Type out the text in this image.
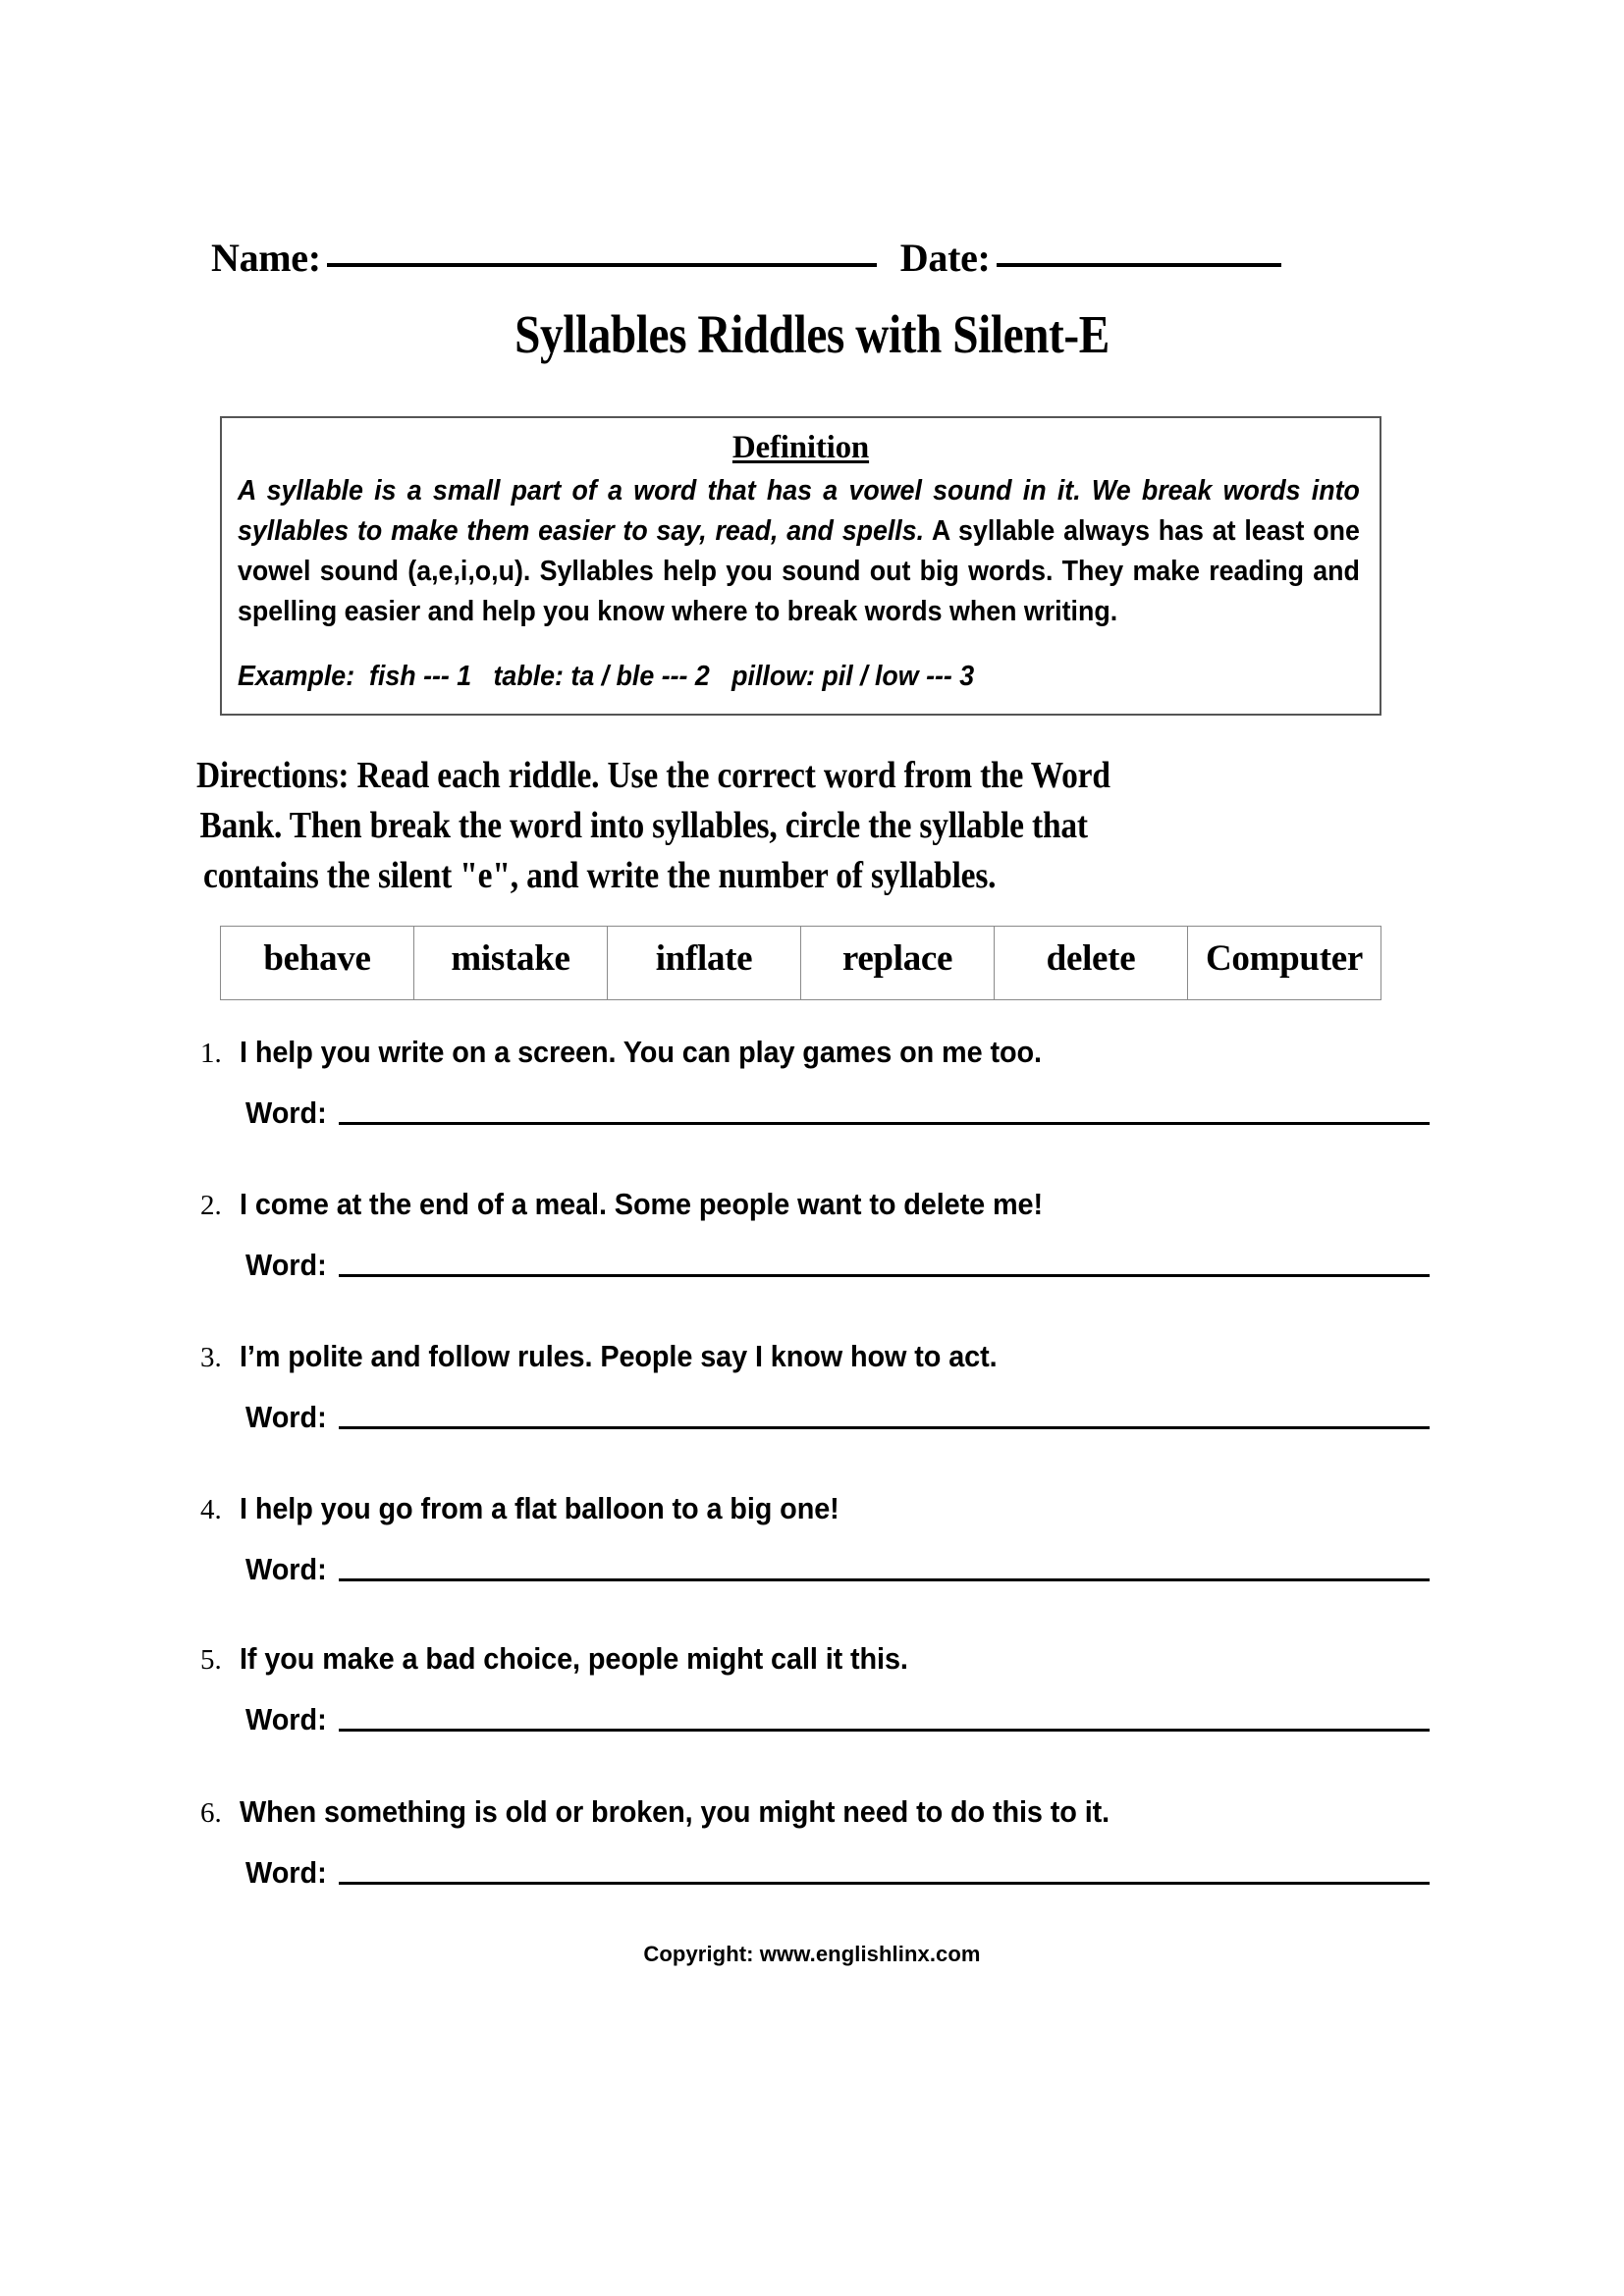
Name:	Date:
Syllables Riddles with Silent-E
Definition
A syllable is a small part of a word that has a vowel sound in it. We break words into syllables to make them easier to say, read, and spells. A syllable always has at least one vowel sound (a,e,i,o,u). Syllables help you sound out big words. They make reading and spelling easier and help you know where to break words when writing.
Example:  fish --- 1   table: ta / ble --- 2   pillow: pil / low --- 3
Directions: Read each riddle. Use the correct word from the Word
Bank. Then break the word into syllables, circle the syllable that
contains the silent "e", and write the number of syllables.
behave	mistake	inflate	replace	delete	Computer
1. I help you write on a screen. You can play games on me too.
Word:
2. I come at the end of a meal. Some people want to delete me!
Word:
3. I’m polite and follow rules. People say I know how to act.
Word:
4. I help you go from a flat balloon to a big one!
Word:
5. If you make a bad choice, people might call it this.
Word:
6. When something is old or broken, you might need to do this to it.
Word:
Copyright: www.englishlinx.com
